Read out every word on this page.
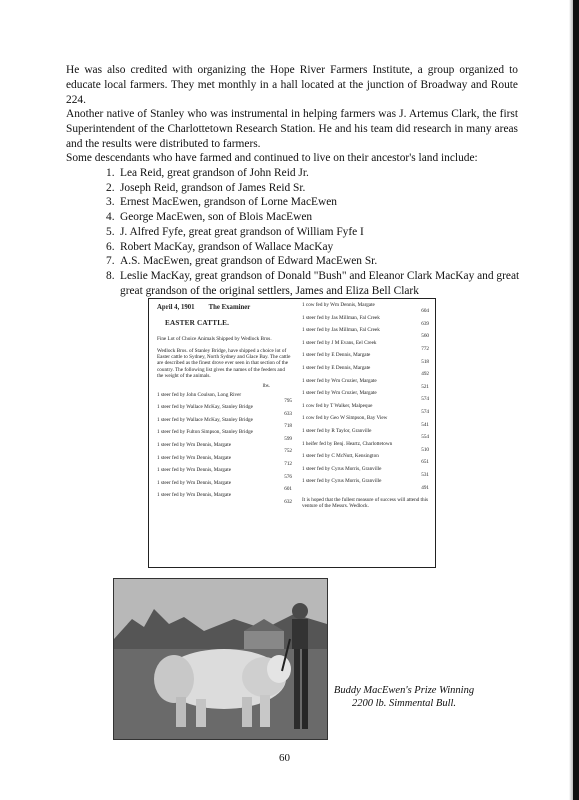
He was also credited with organizing the Hope River Farmers Institute, a group organized to educate local farmers. They met monthly in a hall located at the junction of Broadway and Route 224.
Another native of Stanley who was instrumental in helping farmers was J. Artemus Clark, the first Superintendent of the Charlottetown Research Station. He and his team did research in many areas and the results were distributed to farmers.
Some descendants who have farmed and continued to live on their ancestor's land include:
1. Lea Reid, great grandson of John Reid Jr.
2. Joseph Reid, grandson of James Reid Sr.
3. Ernest MacEwen, grandson of Lorne MacEwen
4. George MacEwen, son of Blois MacEwen
5. J. Alfred Fyfe, great great grandson of William Fyfe I
6. Robert MacKay, grandson of Wallace MacKay
7. A.S. MacEwen, great grandson of Edward MacEwen Sr.
8. Leslie MacKay, great grandson of Donald "Bush" and Eleanor Clark MacKay and great great grandson of the original settlers, James and Eliza Bell Clark
April 4, 1901 The Examiner
EASTER CATTLE.
Fine Lot of Choice Animals Shipped by Wedlock Bros.
Wedlock Bros. of Stanley Bridge, have shipped a choice lot of Easter cattle to Sydney, North Sydney and Glace Bay. The cattle are described as the finest drove ever seen in that section of the country. The following list gives the names of the feeders and the weight of the animals.
lbs.
1 steer fed by John Coulson, Long River
795
1 steer fed by Wallace McKay, Stanley Bridge
633
1 steer fed by Wallace McKay, Stanley Bridge
718
1 steer fed by Fulton Simpson, Stanley Bridge
599
1 steer fed by Wm Dennis, Margate
752
1 steer fed by Wm Dennis, Margate
712
1 steer fed by Wm Dennis, Margate
576
1 steer fed by Wm Dennis, Margate
601
1 steer fed by Wm Dennis, Margate
632
1 cow fed by Wm Dennis, Margate
604
1 steer fed by Jas Millman, Fal Creek
639
1 steer fed by Jas Millman, Fal Creek
560
1 steer fed by J M Evans, Eel Creek
772
1 steer fed by E Dennis, Margate
518
1 steer fed by E Dennis, Margate
492
1 steer fed by Wm Crozier, Margate
521
1 steer fed by Wm Crozier, Margate
574
1 cow fed by T Walker, Malpeque
574
1 cow fed by Geo W Simpson, Bay View
541
1 steer fed by R Taylor, Granville
554
1 heifer fed by Benj. Heartz, Charlottetown
510
1 steer fed by C McNutt, Kensington
651
1 steer fed by Cyrus Morris, Granville
531
1 steer fed by Cyrus Morris, Granville
491
It is hoped that the fullest measure of success will attend this venture of the Messrs. Wedlock.
Buddy MacEwen's Prize Winning
2200 lb. Simmental Bull.
60
